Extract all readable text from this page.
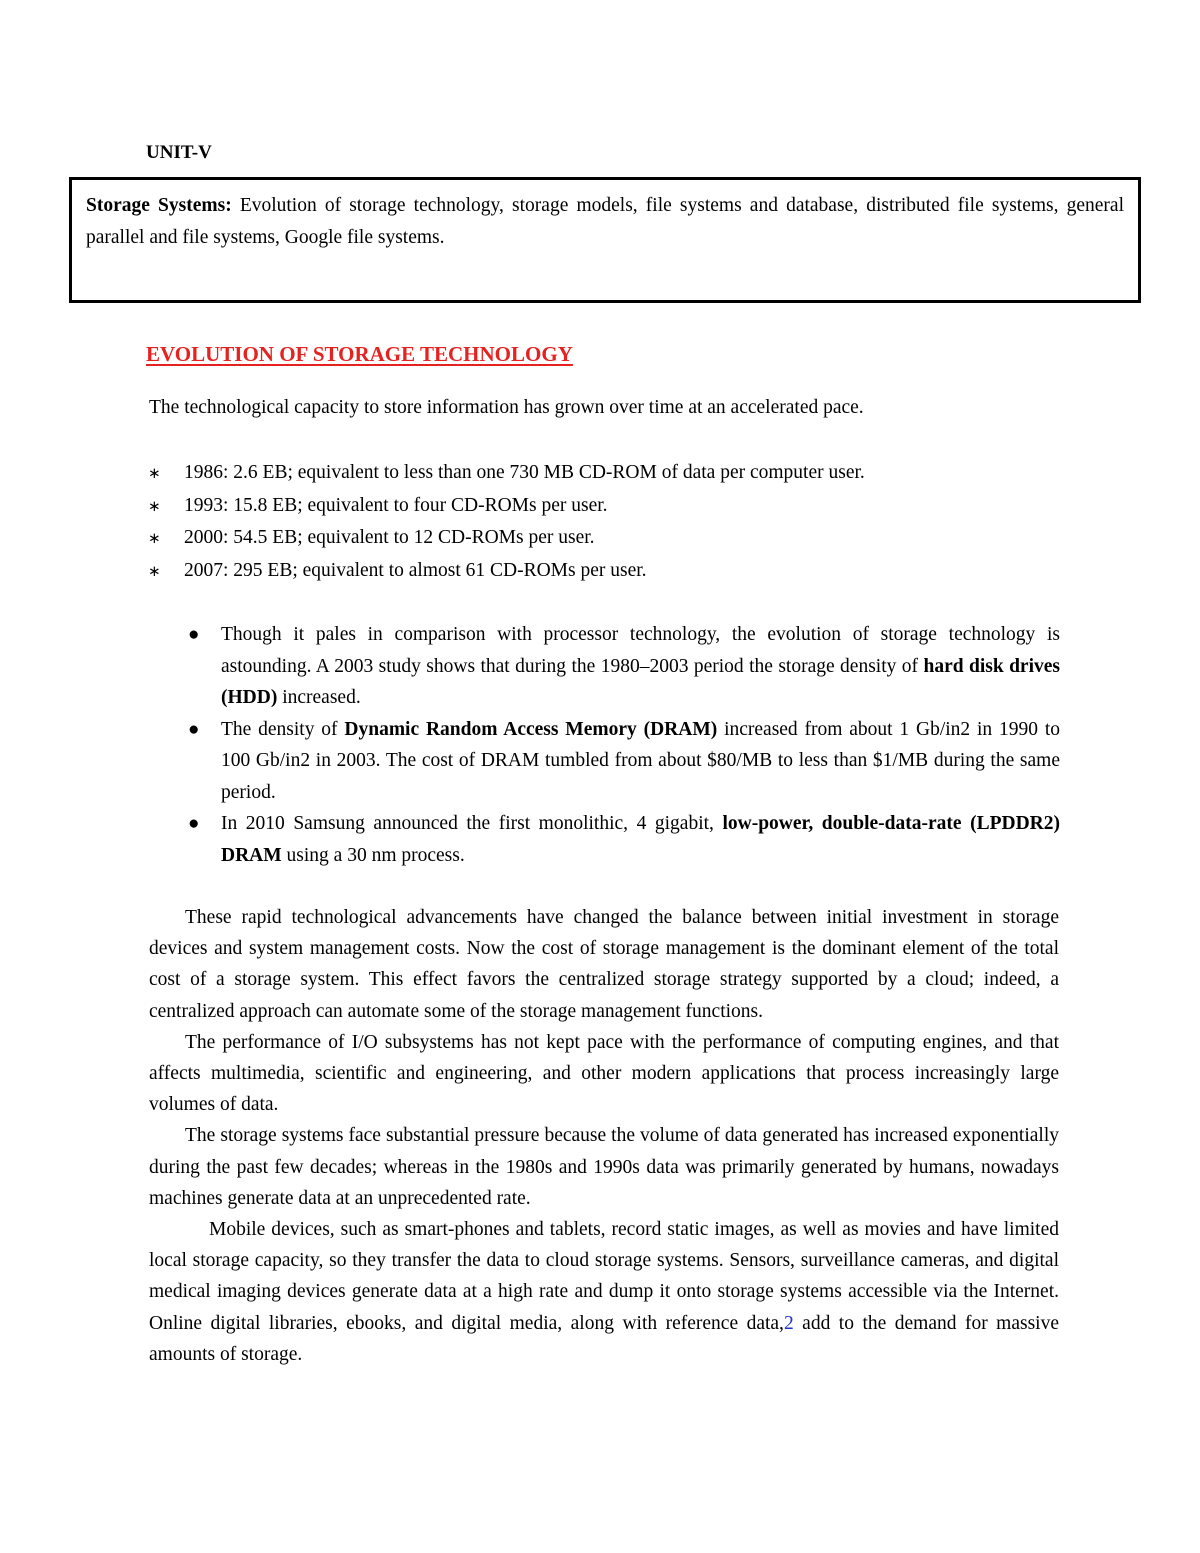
UNIT-V

Storage Systems: Evolution of storage technology, storage models, file systems and database, distributed file systems, general parallel and file systems, Google file systems.

EVOLUTION OF STORAGE TECHNOLOGY

The technological capacity to store information has grown over time at an accelerated pace.

∗ 1986: 2.6 EB; equivalent to less than one 730 MB CD-ROM of data per computer user.
∗ 1993: 15.8 EB; equivalent to four CD-ROMs per user.
∗ 2000: 54.5 EB; equivalent to 12 CD-ROMs per user.
∗ 2007: 295 EB; equivalent to almost 61 CD-ROMs per user.
● Though it pales in comparison with processor technology, the evolution of storage technology is astounding. A 2003 study shows that during the 1980–2003 period the storage density of hard disk drives (HDD) increased.
● The density of Dynamic Random Access Memory (DRAM) increased from about 1 Gb/in2 in 1990 to 100 Gb/in2 in 2003. The cost of DRAM tumbled from about $80/MB to less than $1/MB during the same period.
● In 2010 Samsung announced the first monolithic, 4 gigabit, low-power, double-data-rate (LPDDR2) DRAM using a 30 nm process.

These rapid technological advancements have changed the balance between initial investment in storage devices and system management costs. Now the cost of storage management is the dominant element of the total cost of a storage system. This effect favors the centralized storage strategy supported by a cloud; indeed, a centralized approach can automate some of the storage management functions.

The performance of I/O subsystems has not kept pace with the performance of computing engines, and that affects multimedia, scientific and engineering, and other modern applications that process increasingly large volumes of data.

The storage systems face substantial pressure because the volume of data generated has increased exponentially during the past few decades; whereas in the 1980s and 1990s data was primarily generated by humans, nowadays machines generate data at an unprecedented rate.

Mobile devices, such as smart-phones and tablets, record static images, as well as movies and have limited local storage capacity, so they transfer the data to cloud storage systems. Sensors, surveillance cameras, and digital medical imaging devices generate data at a high rate and dump it onto storage systems accessible via the Internet. Online digital libraries, ebooks, and digital media, along with reference data,2 add to the demand for massive amounts of storage.
